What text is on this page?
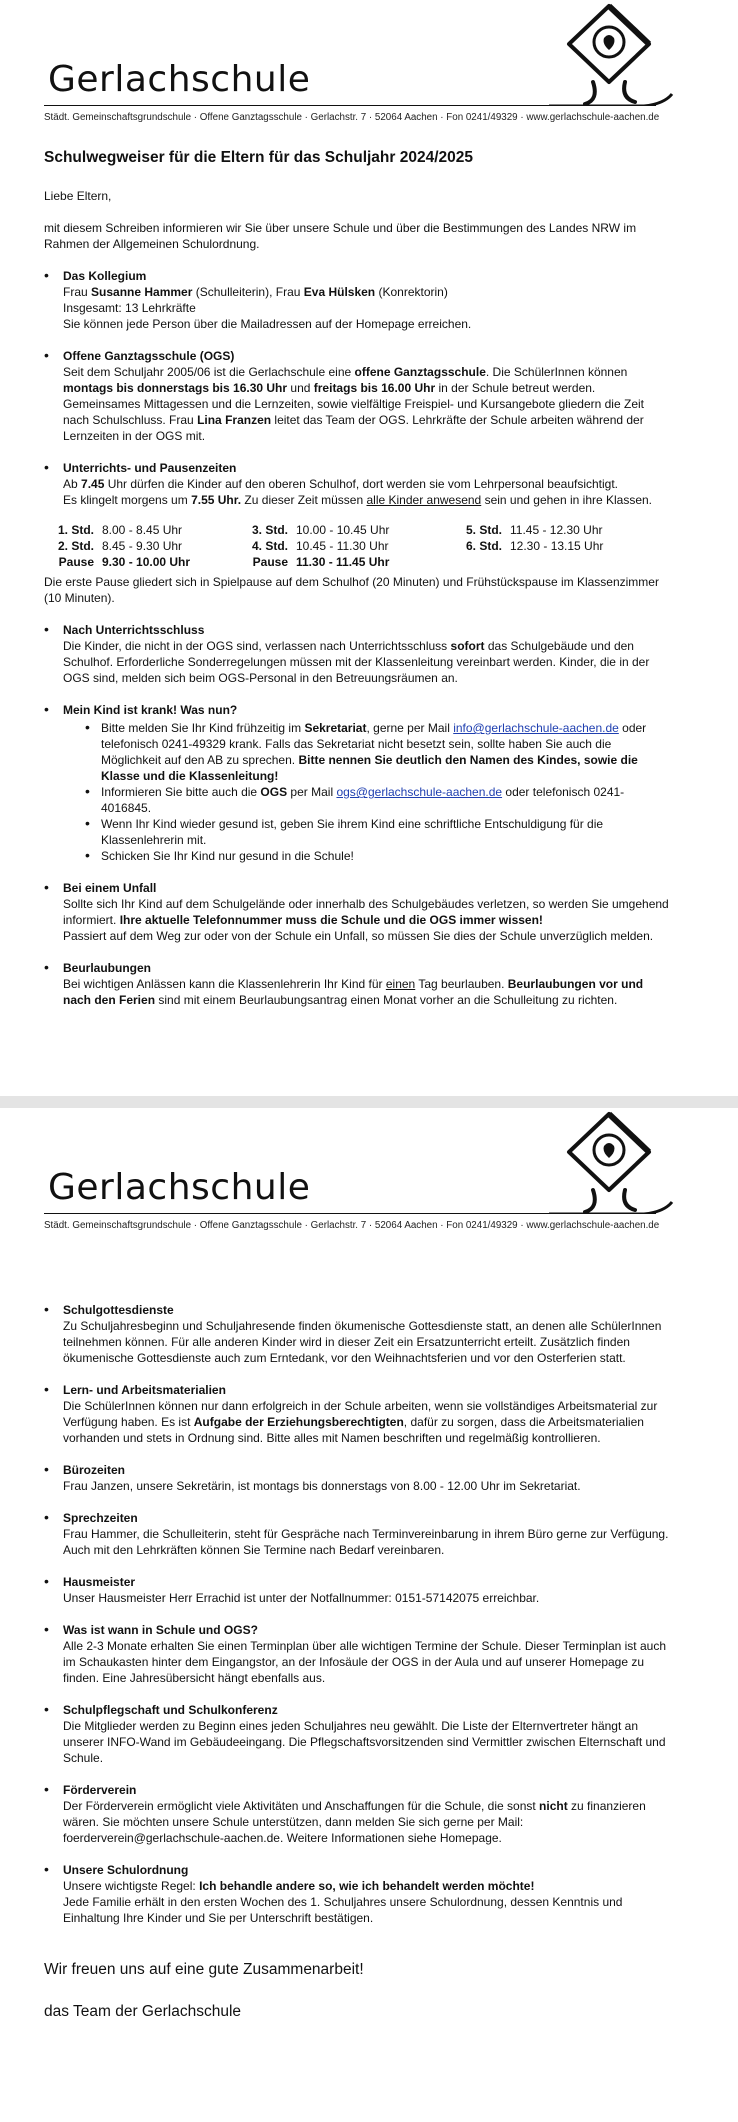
Gerlachschule
Städt. Gemeinschaftsgrundschule · Offene Ganztagsschule · Gerlachstr. 7 · 52064 Aachen · Fon 0241/49329 · www.gerlachschule-aachen.de
Schulwegweiser für die Eltern für das Schuljahr 2024/2025

Liebe Eltern,

mit diesem Schreiben informieren wir Sie über unsere Schule und über die Bestimmungen des Landes NRW im Rahmen der Allgemeinen Schulordnung.

• Das Kollegium
Frau Susanne Hammer (Schulleiterin), Frau Eva Hülsken (Konrektorin)
Insgesamt: 13 Lehrkräfte
Sie können jede Person über die Mailadressen auf der Homepage erreichen.
• Offene Ganztagsschule (OGS)
Seit dem Schuljahr 2005/06 ist die Gerlachschule eine offene Ganztagsschule. Die SchülerInnen können montags bis donnerstags bis 16.30 Uhr und freitags bis 16.00 Uhr in der Schule betreut werden. Gemeinsames Mittagessen und die Lernzeiten, sowie vielfältige Freispiel- und Kursangebote gliedern die Zeit nach Schulschluss. Frau Lina Franzen leitet das Team der OGS. Lehrkräfte der Schule arbeiten während der Lernzeiten in der OGS mit.
• Unterrichts- und Pausenzeiten
Ab 7.45 Uhr dürfen die Kinder auf den oberen Schulhof, dort werden sie vom Lehrpersonal beaufsichtigt.
Es klingelt morgens um 7.55 Uhr. Zu dieser Zeit müssen alle Kinder anwesend sein und gehen in ihre Klassen.
1. Std. 8.00 - 8.45 Uhr	3. Std. 10.00 - 10.45 Uhr	5. Std. 11.45 - 12.30 Uhr
2. Std. 8.45 - 9.30 Uhr	4. Std. 10.45 - 11.30 Uhr	6. Std. 12.30 - 13.15 Uhr
Pause 9.30 - 10.00 Uhr	Pause 11.30 - 11.45 Uhr

Die erste Pause gliedert sich in Spielpause auf dem Schulhof (20 Minuten) und Frühstückspause im Klassenzimmer (10 Minuten).

• Nach Unterrichtsschluss
Die Kinder, die nicht in der OGS sind, verlassen nach Unterrichtsschluss sofort das Schulgebäude und den Schulhof. Erforderliche Sonderregelungen müssen mit der Klassenleitung vereinbart werden. Kinder, die in der OGS sind, melden sich beim OGS-Personal in den Betreuungsräumen an.
• Mein Kind ist krank! Was nun?
• Bitte melden Sie Ihr Kind frühzeitig im Sekretariat, gerne per Mail info@gerlachschule-aachen.de oder telefonisch 0241-49329 krank. Falls das Sekretariat nicht besetzt sein, sollte haben Sie auch die Möglichkeit auf den AB zu sprechen. Bitte nennen Sie deutlich den Namen des Kindes, sowie die Klasse und die Klassenleitung!
• Informieren Sie bitte auch die OGS per Mail ogs@gerlachschule-aachen.de oder telefonisch 0241-4016845.
• Wenn Ihr Kind wieder gesund ist, geben Sie ihrem Kind eine schriftliche Entschuldigung für die Klassenlehrerin mit.
• Schicken Sie Ihr Kind nur gesund in die Schule!
• Bei einem Unfall
Sollte sich Ihr Kind auf dem Schulgelände oder innerhalb des Schulgebäudes verletzen, so werden Sie umgehend informiert. Ihre aktuelle Telefonnummer muss die Schule und die OGS immer wissen!
Passiert auf dem Weg zur oder von der Schule ein Unfall, so müssen Sie dies der Schule unverzüglich melden.
• Beurlaubungen
Bei wichtigen Anlässen kann die Klassenlehrerin Ihr Kind für einen Tag beurlauben. Beurlaubungen vor und nach den Ferien sind mit einem Beurlaubungsantrag einen Monat vorher an die Schulleitung zu richten.
Gerlachschule
Städt. Gemeinschaftsgrundschule · Offene Ganztagsschule · Gerlachstr. 7 · 52064 Aachen · Fon 0241/49329 · www.gerlachschule-aachen.de
• Schulgottesdienste
Zu Schuljahresbeginn und Schuljahresende finden ökumenische Gottesdienste statt, an denen alle SchülerInnen teilnehmen können. Für alle anderen Kinder wird in dieser Zeit ein Ersatzunterricht erteilt. Zusätzlich finden ökumenische Gottesdienste auch zum Erntedank, vor den Weihnachtsferien und vor den Osterferien statt.
• Lern- und Arbeitsmaterialien
Die SchülerInnen können nur dann erfolgreich in der Schule arbeiten, wenn sie vollständiges Arbeitsmaterial zur Verfügung haben. Es ist Aufgabe der Erziehungsberechtigten, dafür zu sorgen, dass die Arbeitsmaterialien vorhanden und stets in Ordnung sind. Bitte alles mit Namen beschriften und regelmäßig kontrollieren.
• Bürozeiten
Frau Janzen, unsere Sekretärin, ist montags bis donnerstags von 8.00 - 12.00 Uhr im Sekretariat.
• Sprechzeiten
Frau Hammer, die Schulleiterin, steht für Gespräche nach Terminvereinbarung in ihrem Büro gerne zur Verfügung. Auch mit den Lehrkräften können Sie Termine nach Bedarf vereinbaren.
• Hausmeister
Unser Hausmeister Herr Errachid ist unter der Notfallnummer: 0151-57142075 erreichbar.
• Was ist wann in Schule und OGS?
Alle 2-3 Monate erhalten Sie einen Terminplan über alle wichtigen Termine der Schule. Dieser Terminplan ist auch im Schaukasten hinter dem Eingangstor, an der Infosäule der OGS in der Aula und auf unserer Homepage zu finden. Eine Jahresübersicht hängt ebenfalls aus.
• Schulpflegschaft und Schulkonferenz
Die Mitglieder werden zu Beginn eines jeden Schuljahres neu gewählt. Die Liste der Elternvertreter hängt an unserer INFO-Wand im Gebäudeeingang. Die Pflegschaftsvorsitzenden sind Vermittler zwischen Elternschaft und Schule.
• Förderverein
Der Förderverein ermöglicht viele Aktivitäten und Anschaffungen für die Schule, die sonst nicht zu finanzieren wären. Sie möchten unsere Schule unterstützen, dann melden Sie sich gerne per Mail: foerderverein@gerlachschule-aachen.de. Weitere Informationen siehe Homepage.
• Unsere Schulordnung
Unsere wichtigste Regel: Ich behandle andere so, wie ich behandelt werden möchte!
Jede Familie erhält in den ersten Wochen des 1. Schuljahres unsere Schulordnung, dessen Kenntnis und Einhaltung Ihre Kinder und Sie per Unterschrift bestätigen.

Wir freuen uns auf eine gute Zusammenarbeit!

das Team der Gerlachschule
